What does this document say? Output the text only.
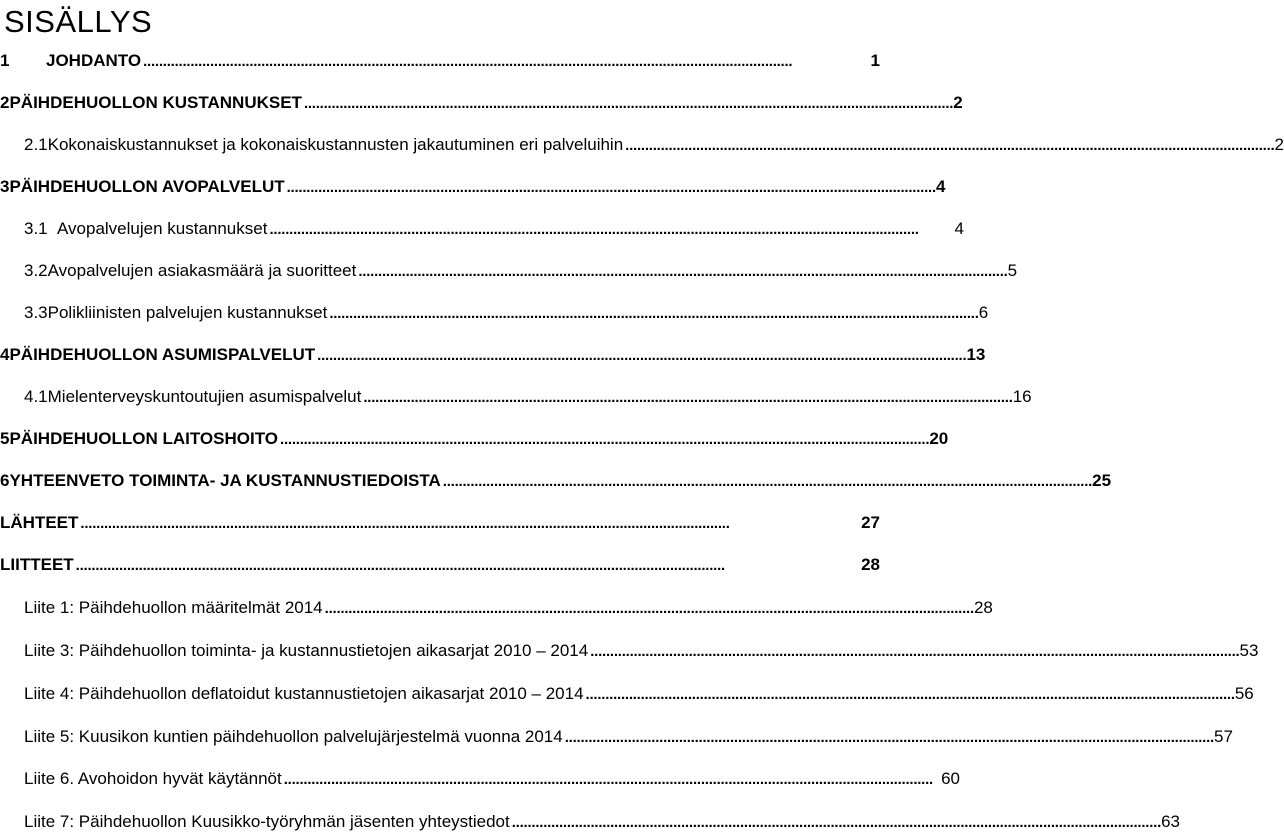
SISÄLLYS
1	JOHDANTO . . .	1
2 PÄIHDEHUOLLON KUSTANNUKSET . . .	2
2.1 Kokonaiskustannukset ja kokonaiskustannusten jakautuminen eri palveluihin . . .	2
3 PÄIHDEHUOLLON AVOPALVELUT . . .	4
3.1 Avopalvelujen kustannukset . . .	4
3.2 Avopalvelujen asiakasmäärä ja suoritteet . . .	5
3.3 Polikliinisten palvelujen kustannukset . . .	6
4 PÄIHDEHUOLLON ASUMISPALVELUT . . .	13
4.1 Mielenterveyskuntoutujien asumispalvelut . . .	16
5 PÄIHDEHUOLLON LAITOSHOITO . . .	20
6 YHTEENVETO TOIMINTA- JA KUSTANNUSTIEDOISTA . . .	25
LÄHTEET . . .	27
LIITTEET . . .	28
Liite 1: Päihdehuollon määritelmät 2014 . . .	28
Liite 3: Päihdehuollon toiminta- ja kustannustietojen aikasarjat 2010 – 2014 . . .	53
Liite 4: Päihdehuollon deflatoidut kustannustietojen aikasarjat 2010 – 2014 . . .	56
Liite 5: Kuusikon kuntien päihdehuollon palvelujärjestelmä vuonna 2014 . . .	57
Liite 6. Avohoidon hyvät käytännöt . . .	60
Liite 7: Päihdehuollon Kuusikko-työryhmän jäsenten yhteystiedot . . .	63
